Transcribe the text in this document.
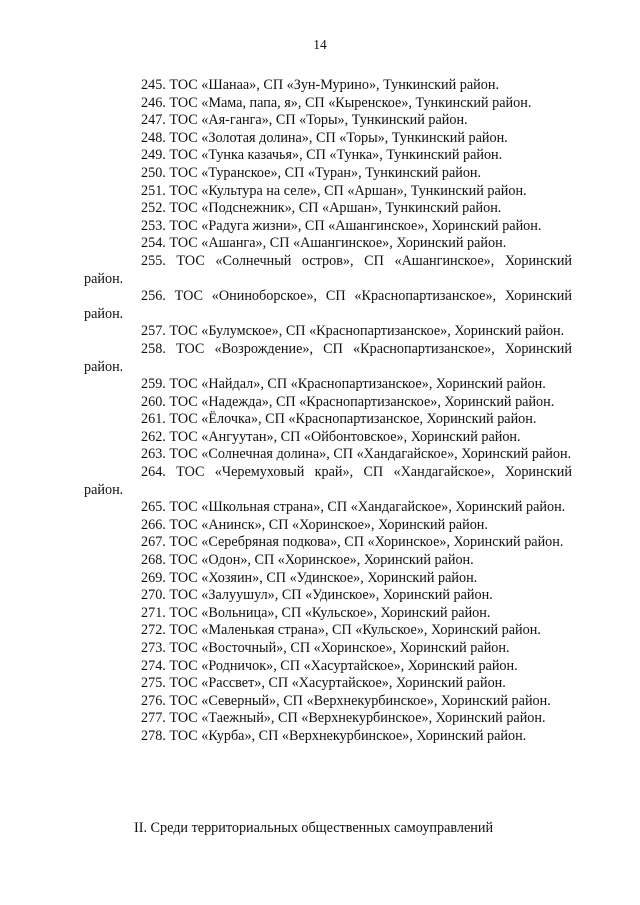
14

245. ТОС «Шанаа», СП «Зун-Мурино», Тункинский район.

246. ТОС «Мама, папа, я», СП «Кыренское», Тункинский район.

247. ТОС «Ая-ганга», СП «Торы», Тункинский район.

248. ТОС «Золотая долина», СП «Торы», Тункинский район.

249. ТОС «Тунка казачья», СП «Тунка», Тункинский район.

250. ТОС «Туранское», СП «Туран», Тункинский район.

251. ТОС «Культура на селе», СП «Аршан», Тункинский район.

252. ТОС «Подснежник», СП «Аршан», Тункинский район.

253. ТОС «Радуга жизни», СП «Ашангинское», Хоринский район.

254. ТОС «Ашанга», СП «Ашангинское», Хоринский район.

255. ТОС «Солнечный остров», СП «Ашангинское», Хоринский район.

256. ТОС «Ониноборское», СП «Краснопартизанское», Хоринский район.

257. ТОС «Булумское», СП «Краснопартизанское», Хоринский район.

258. ТОС «Возрождение», СП «Краснопартизанское», Хоринский район.

259. ТОС «Найдал», СП «Краснопартизанское», Хоринский район.

260. ТОС «Надежда», СП «Краснопартизанское», Хоринский район.

261. ТОС «Ёлочка», СП «Краснопартизанское, Хоринский район.

262. ТОС «Ангуутан», СП «Ойбонтовское», Хоринский район.

263. ТОС «Солнечная долина», СП «Хандагайское», Хоринский район.

264. ТОС «Черемуховый край», СП «Хандагайское», Хоринский район.

265. ТОС «Школьная страна», СП «Хандагайское», Хоринский район.

266. ТОС «Анинск», СП «Хоринское», Хоринский район.

267. ТОС «Серебряная подкова», СП «Хоринское», Хоринский район.

268. ТОС «Одон», СП «Хоринское», Хоринский район.

269. ТОС «Хозяин», СП «Удинское», Хоринский район.

270. ТОС «Залуушул», СП «Удинское», Хоринский район.

271. ТОС «Вольница», СП «Кульское», Хоринский район.

272. ТОС «Маленькая страна», СП «Кульское», Хоринский район.

273. ТОС «Восточный», СП «Хоринское», Хоринский район.

274. ТОС «Родничок», СП «Хасуртайское», Хоринский район.

275. ТОС «Рассвет», СП «Хасуртайское», Хоринский район.

276. ТОС «Северный», СП «Верхнекурбинское», Хоринский район.

277. ТОС «Таежный», СП «Верхнекурбинское», Хоринский район.

278. ТОС «Курба», СП «Верхнекурбинское», Хоринский район.

II. Среди территориальных общественных самоуправлений
